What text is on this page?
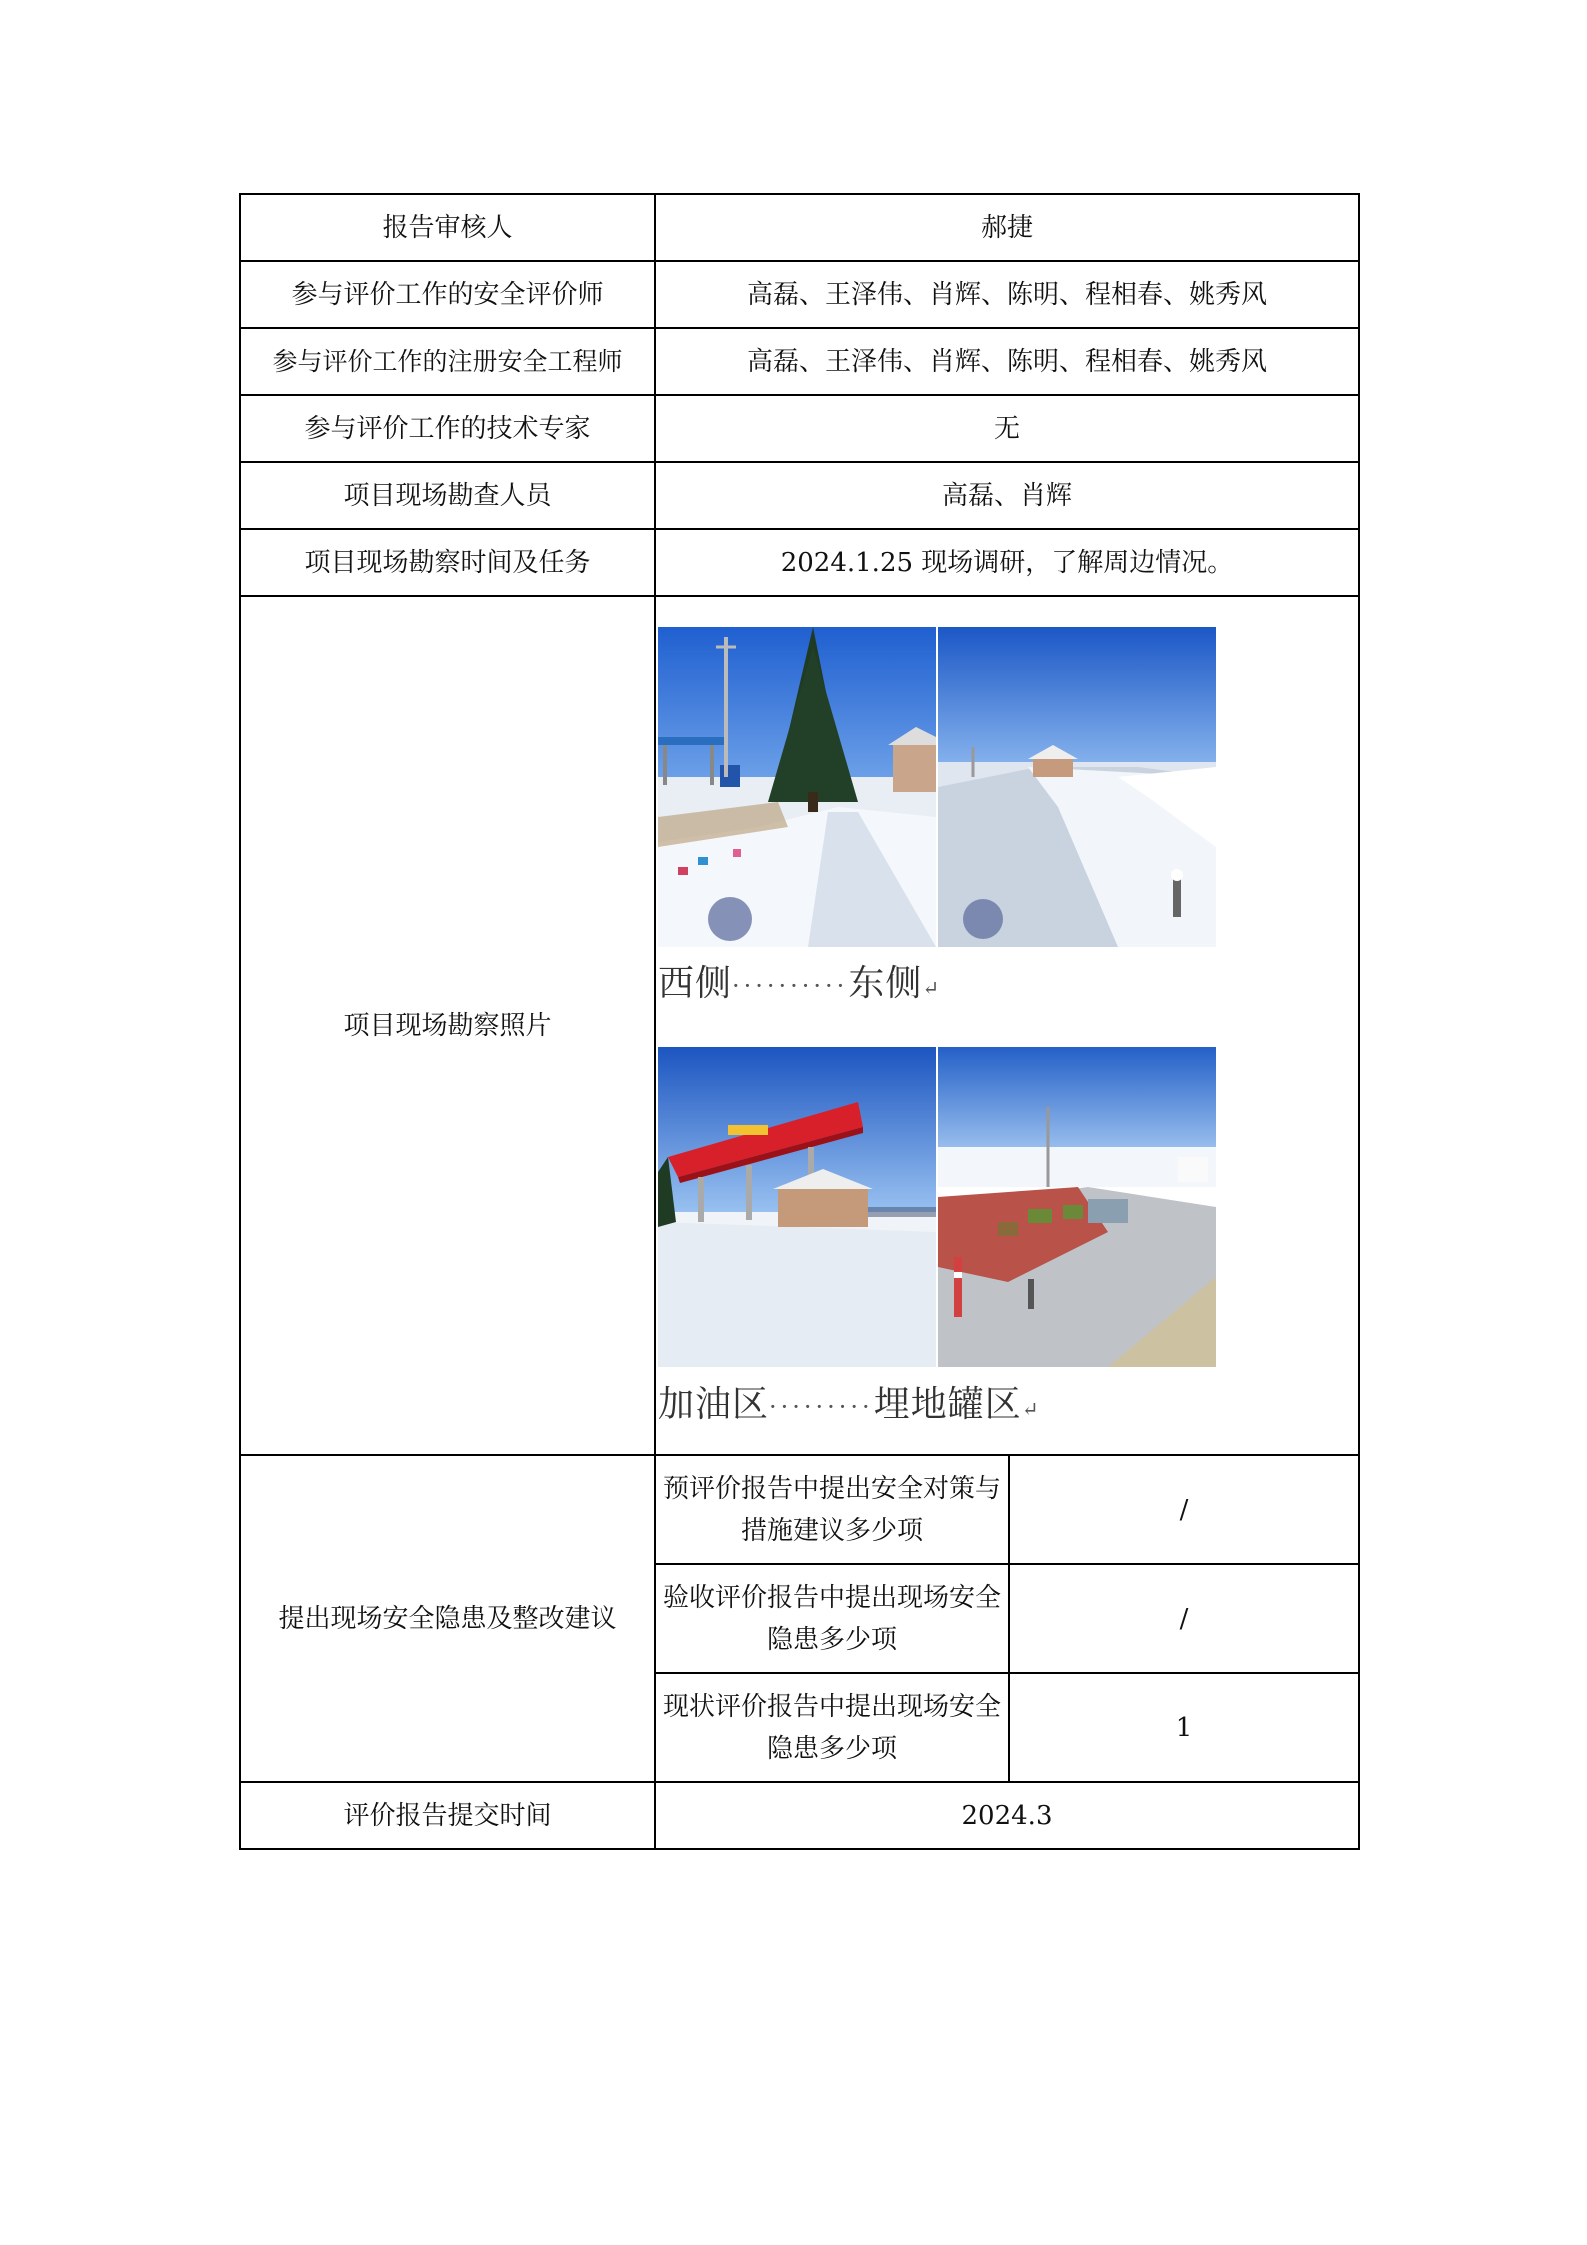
报告审核人	郝捷	
参与评价工作的安全评价师	高磊、王泽伟、肖辉、陈明、程相春、姚秀风	
参与评价工作的注册安全工程师	高磊、王泽伟、肖辉、陈明、程相春、姚秀风	
参与评价工作的技术专家	无	
项目现场勘查人员	高磊、肖辉	
项目现场勘察时间及任务	2024.1.25 现场调研，了解周边情况。	
项目现场勘察照片	西侧··········东侧↵
加油区·········埋地罐区↵	

提出现场安全隐患及整改建议	预评价报告中提出安全对策与措施建议多少项	/
	验收评价报告中提出现场安全隐患多少项	/
	现状评价报告中提出现场安全隐患多少项	1
评价报告提交时间	2024.3	
